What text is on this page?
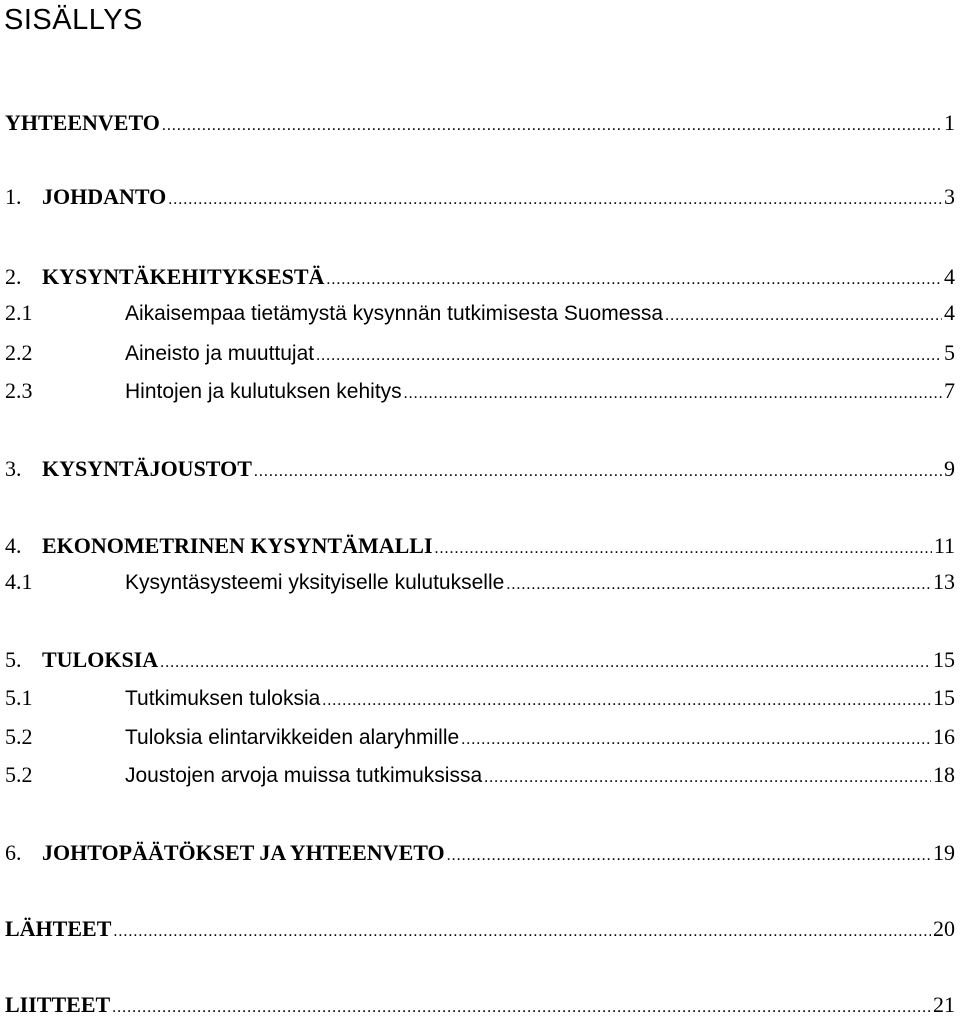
SISÄLLYS
YHTEENVETO .....	1
1. JOHDANTO .....	3
2. KYSYNTÄKEHITYKSESTÄ .....	4
2.1	Aikaisempaa tietämystä kysynnän tutkimisesta Suomessa .....	4
2.2	Aineisto ja muuttujat .....	5
2.3	Hintojen ja kulutuksen kehitys .....	7
3. KYSYNTÄJOUSTOT .....	9
4. EKONOMETRINEN KYSYNTÄMALLI .....	11
4.1	Kysyntäsysteemi yksityiselle kulutukselle .....	13
5. TULOKSIA .....	15
5.1	Tutkimuksen tuloksia .....	15
5.2	Tuloksia elintarvikkeiden alaryhmille .....	16
5.2	Joustojen arvoja muissa tutkimuksissa .....	18
6. JOHTOPÄÄTÖKSET JA YHTEENVETO .....	19
LÄHTEET .....	20
LIITTEET .....	21
